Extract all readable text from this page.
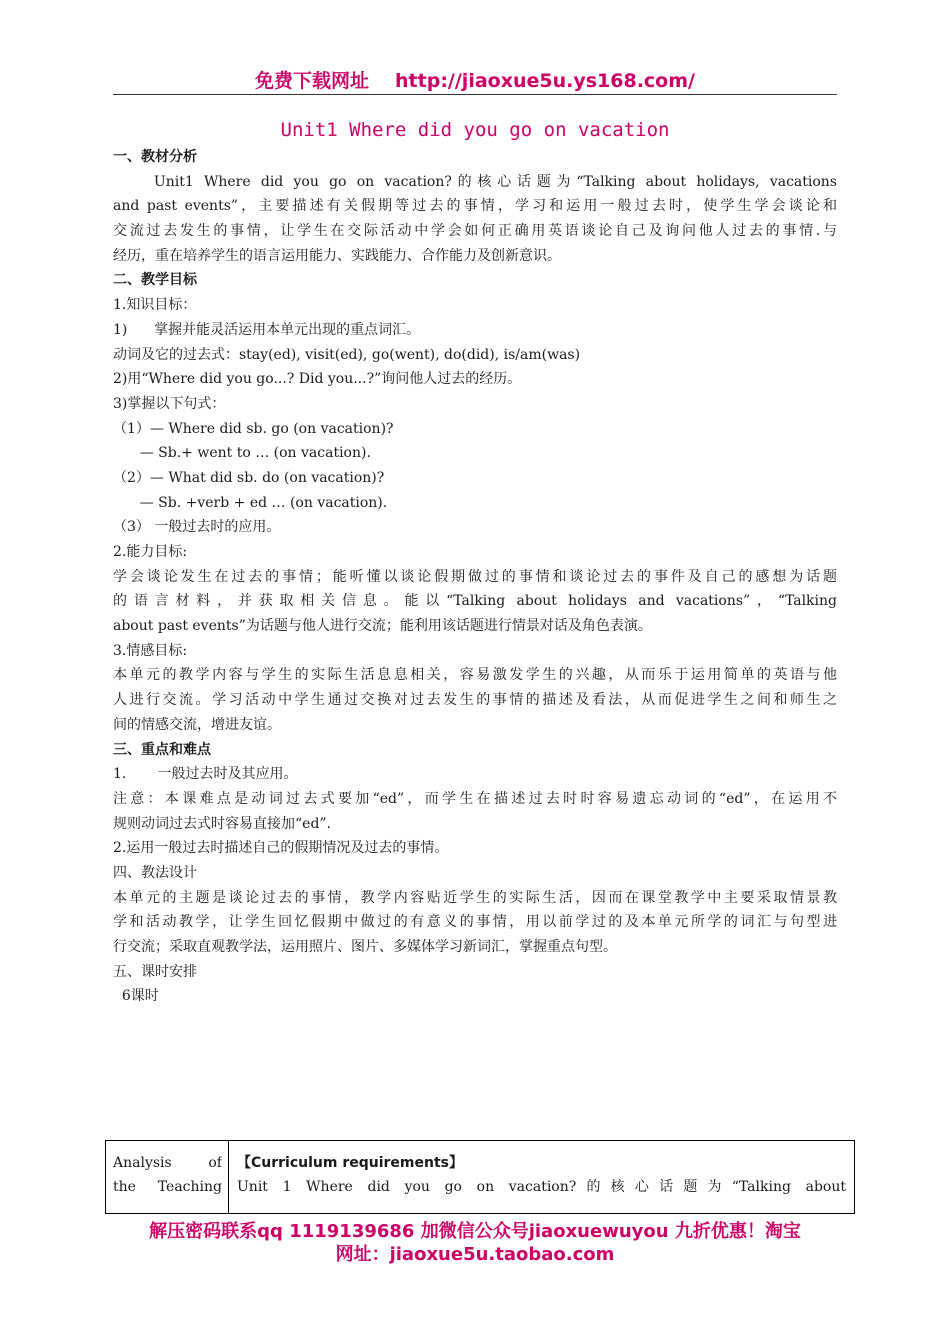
免费下载网址 http://jiaoxue5u.ys168.com/
Unit1 Where did you go on vacation
一、教材分析
Unit1 Where did you go on vacation?的核心话题为“Talking about holidays, vacations
and past events”，主要描述有关假期等过去的事情，学习和运用一般过去时，使学生学会谈论和
交流过去发生的事情，让学生在交际活动中学会如何正确用英语谈论自己及询问他人过去的事情.与
经历，重在培养学生的语言运用能力、实践能力、合作能力及创新意识。
二、教学目标
1.知识目标：
1)      掌握并能灵活运用本单元出现的重点词汇。
动词及它的过去式：stay(ed), visit(ed), go(went), do(did), is/am(was)
2)用“Where did you go...? Did you...?”询问他人过去的经历。
3)掌握以下句式：
（1）— Where did sb. go (on vacation)?
— Sb.+ went to … (on vacation).
（2）— What did sb. do (on vacation)?
— Sb. +verb + ed … (on vacation).
（3） 一般过去时的应用。
2.能力目标:
学会谈论发生在过去的事情；能听懂以谈论假期做过的事情和谈论过去的事件及自己的感想为话题
的语言材料，并获取相关信息。能以“Talking about holidays and vacations”，“Talking
about past events”为话题与他人进行交流；能利用该话题进行情景对话及角色表演。
3.情感目标:
本单元的教学内容与学生的实际生活息息相关，容易激发学生的兴趣，从而乐于运用简单的英语与他
人进行交流。学习活动中学生通过交换对过去发生的事情的描述及看法，从而促进学生之间和师生之
间的情感交流，增进友谊。
三、重点和难点
1.       一般过去时及其应用。
注意：本课难点是动词过去式要加“ed”，而学生在描述过去时时容易遗忘动词的“ed”，在运用不
规则动词过去式时容易直接加“ed”.
2.运用一般过去时描述自己的假期情况及过去的事情。
四、教法设计
本单元的主题是谈论过去的事情，教学内容贴近学生的实际生活，因而在课堂教学中主要采取情景教
学和活动教学，让学生回忆假期中做过的有意义的事情，用以前学过的及本单元所学的词汇与句型进
行交流；采取直观教学法，运用照片、图片、多媒体学习新词汇，掌握重点句型。
五、课时安排
6课时
Analysis of
the Teaching
【Curriculum requirements】
Unit 1 Where did you go on vacation?的核心话题为“Talking about
解压密码联系qq 1119139686 加微信公众号jiaoxuewuyou 九折优惠！淘宝
网址：jiaoxue5u.taobao.com
